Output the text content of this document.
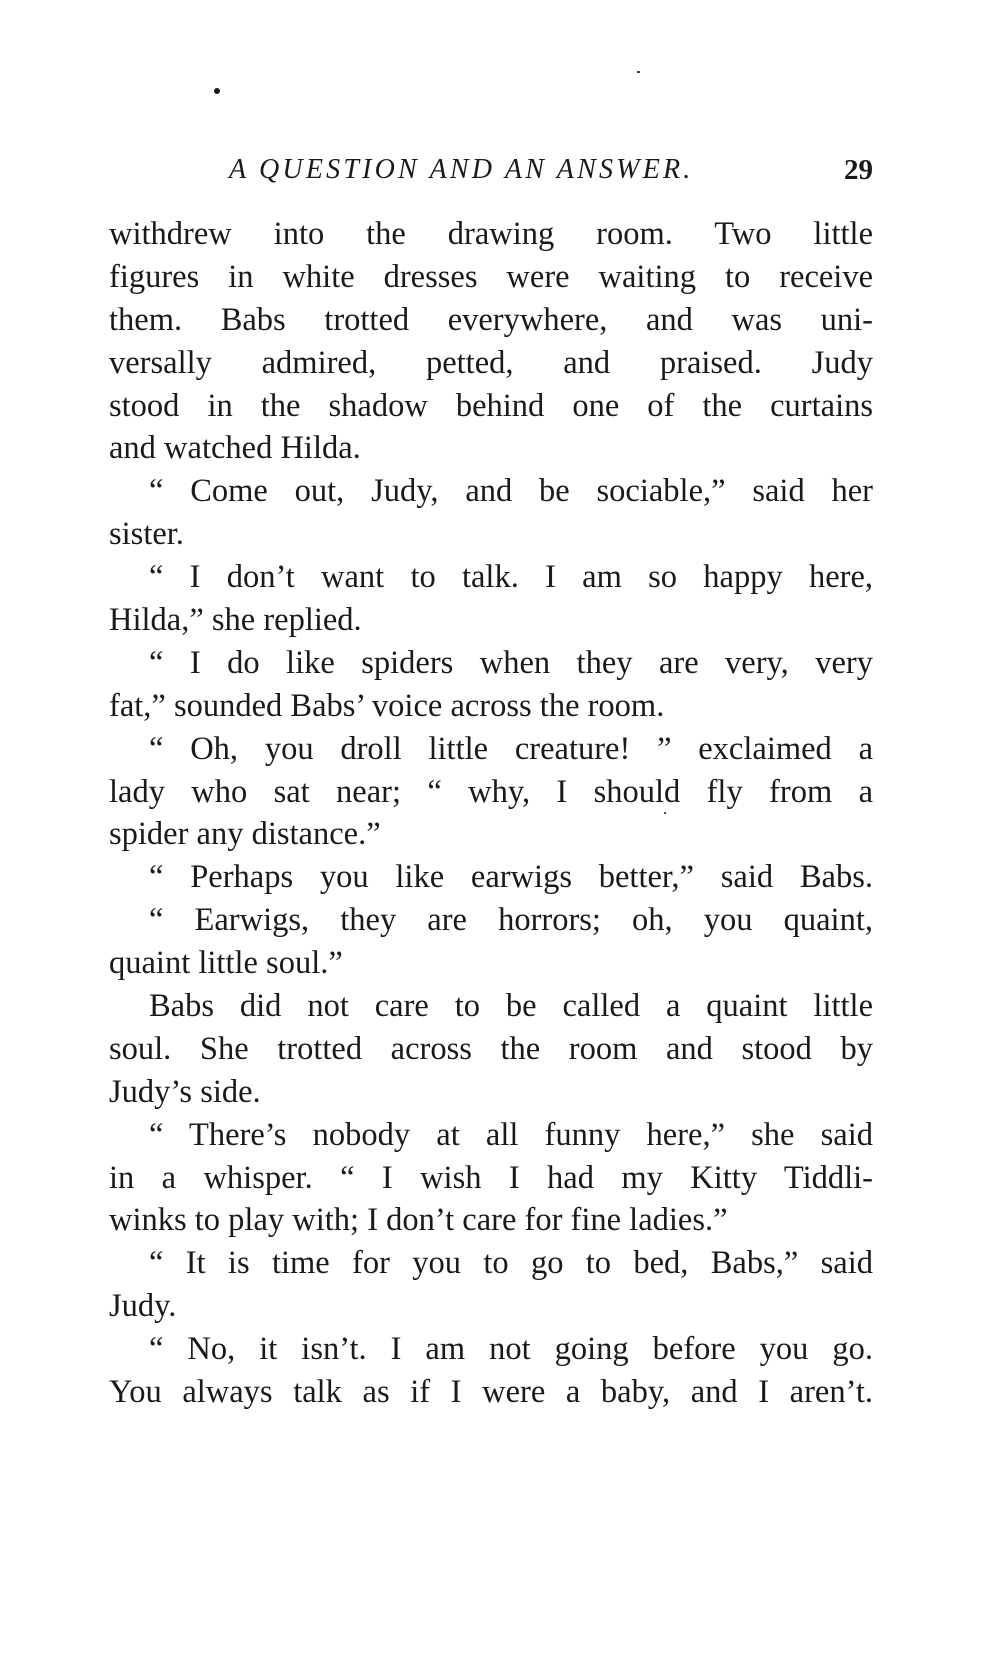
A QUESTION AND AN ANSWER.	29
withdrew into the drawing room. Two little
figures in white dresses were waiting to receive
them. Babs trotted everywhere, and was uni-
versally admired, petted, and praised. Judy
stood in the shadow behind one of the curtains
and watched Hilda.
“ Come out, Judy, and be sociable,” said her
sister.
“ I don’t want to talk. I am so happy here,
Hilda,” she replied.
“ I do like spiders when they are very, very
fat,” sounded Babs’ voice across the room.
“ Oh, you droll little creature! ” exclaimed a
lady who sat near; “ why, I should fly from a
spider any distance.”
“ Perhaps you like earwigs better,” said Babs.
“ Earwigs, they are horrors; oh, you quaint,
quaint little soul.”
Babs did not care to be called a quaint little
soul. She trotted across the room and stood by
Judy’s side.
“ There’s nobody at all funny here,” she said
in a whisper. “ I wish I had my Kitty Tiddli-
winks to play with; I don’t care for fine ladies.”
“ It is time for you to go to bed, Babs,” said
Judy.
“ No, it isn’t. I am not going before you go.
You always talk as if I were a baby, and I aren’t.
